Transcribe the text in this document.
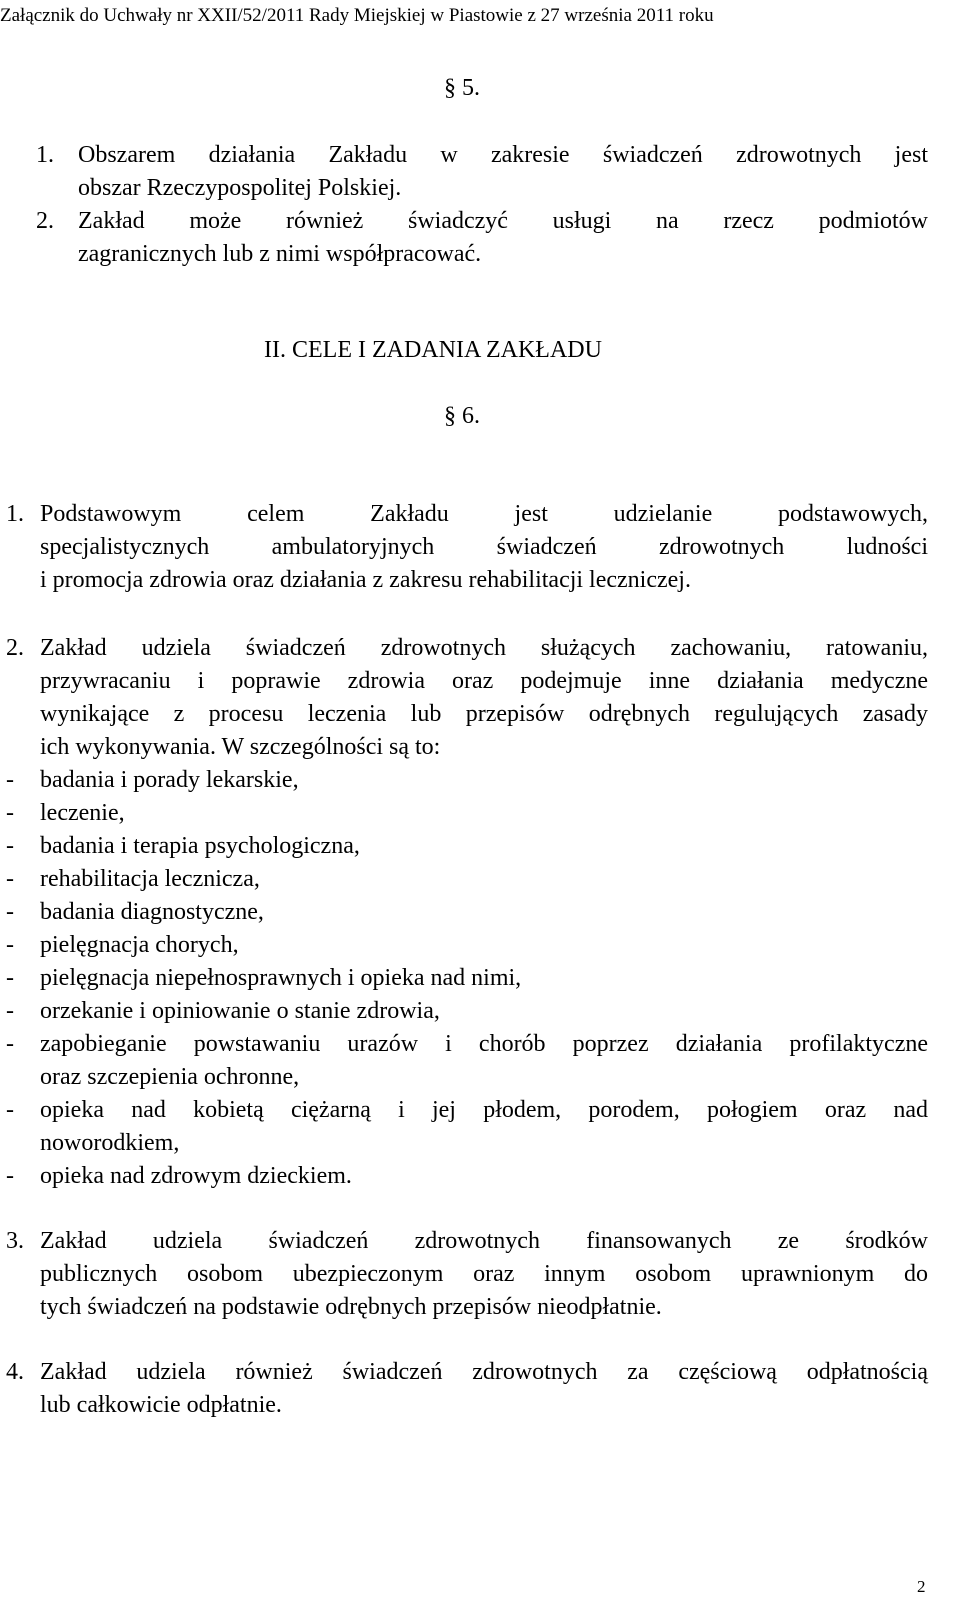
Załącznik do Uchwały nr XXII/52/2011 Rady Miejskiej w Piastowie z 27 września 2011 roku
§ 5.
1. Obszarem działania Zakładu w zakresie świadczeń zdrowotnych jest
obszar Rzeczypospolitej Polskiej.
2. Zakład może również świadczyć usługi na rzecz podmiotów
zagranicznych lub z nimi współpracować.
II. CELE I ZADANIA ZAKŁADU
§ 6.
1. Podstawowym celem Zakładu jest udzielanie podstawowych,
specjalistycznych ambulatoryjnych świadczeń zdrowotnych ludności
i promocja zdrowia oraz działania z zakresu rehabilitacji leczniczej.
2. Zakład udziela świadczeń zdrowotnych służących zachowaniu, ratowaniu,
przywracaniu i poprawie zdrowia oraz podejmuje inne działania medyczne
wynikające z procesu leczenia lub przepisów odrębnych regulujących zasady
ich wykonywania. W szczególności są to:
- badania i porady lekarskie,
- leczenie,
- badania i terapia psychologiczna,
- rehabilitacja lecznicza,
- badania diagnostyczne,
- pielęgnacja chorych,
- pielęgnacja niepełnosprawnych i opieka nad nimi,
- orzekanie i opiniowanie o stanie zdrowia,
- zapobieganie powstawaniu urazów i chorób poprzez działania profilaktyczne
oraz szczepienia ochronne,
- opieka nad kobietą ciężarną i jej płodem, porodem, połogiem oraz nad
noworodkiem,
- opieka nad zdrowym dzieckiem.
3. Zakład udziela świadczeń zdrowotnych finansowanych ze środków
publicznych osobom ubezpieczonym oraz innym osobom uprawnionym do
tych świadczeń na podstawie odrębnych przepisów nieodpłatnie.
4. Zakład udziela również świadczeń zdrowotnych za częściową odpłatnością
lub całkowicie odpłatnie.
2
